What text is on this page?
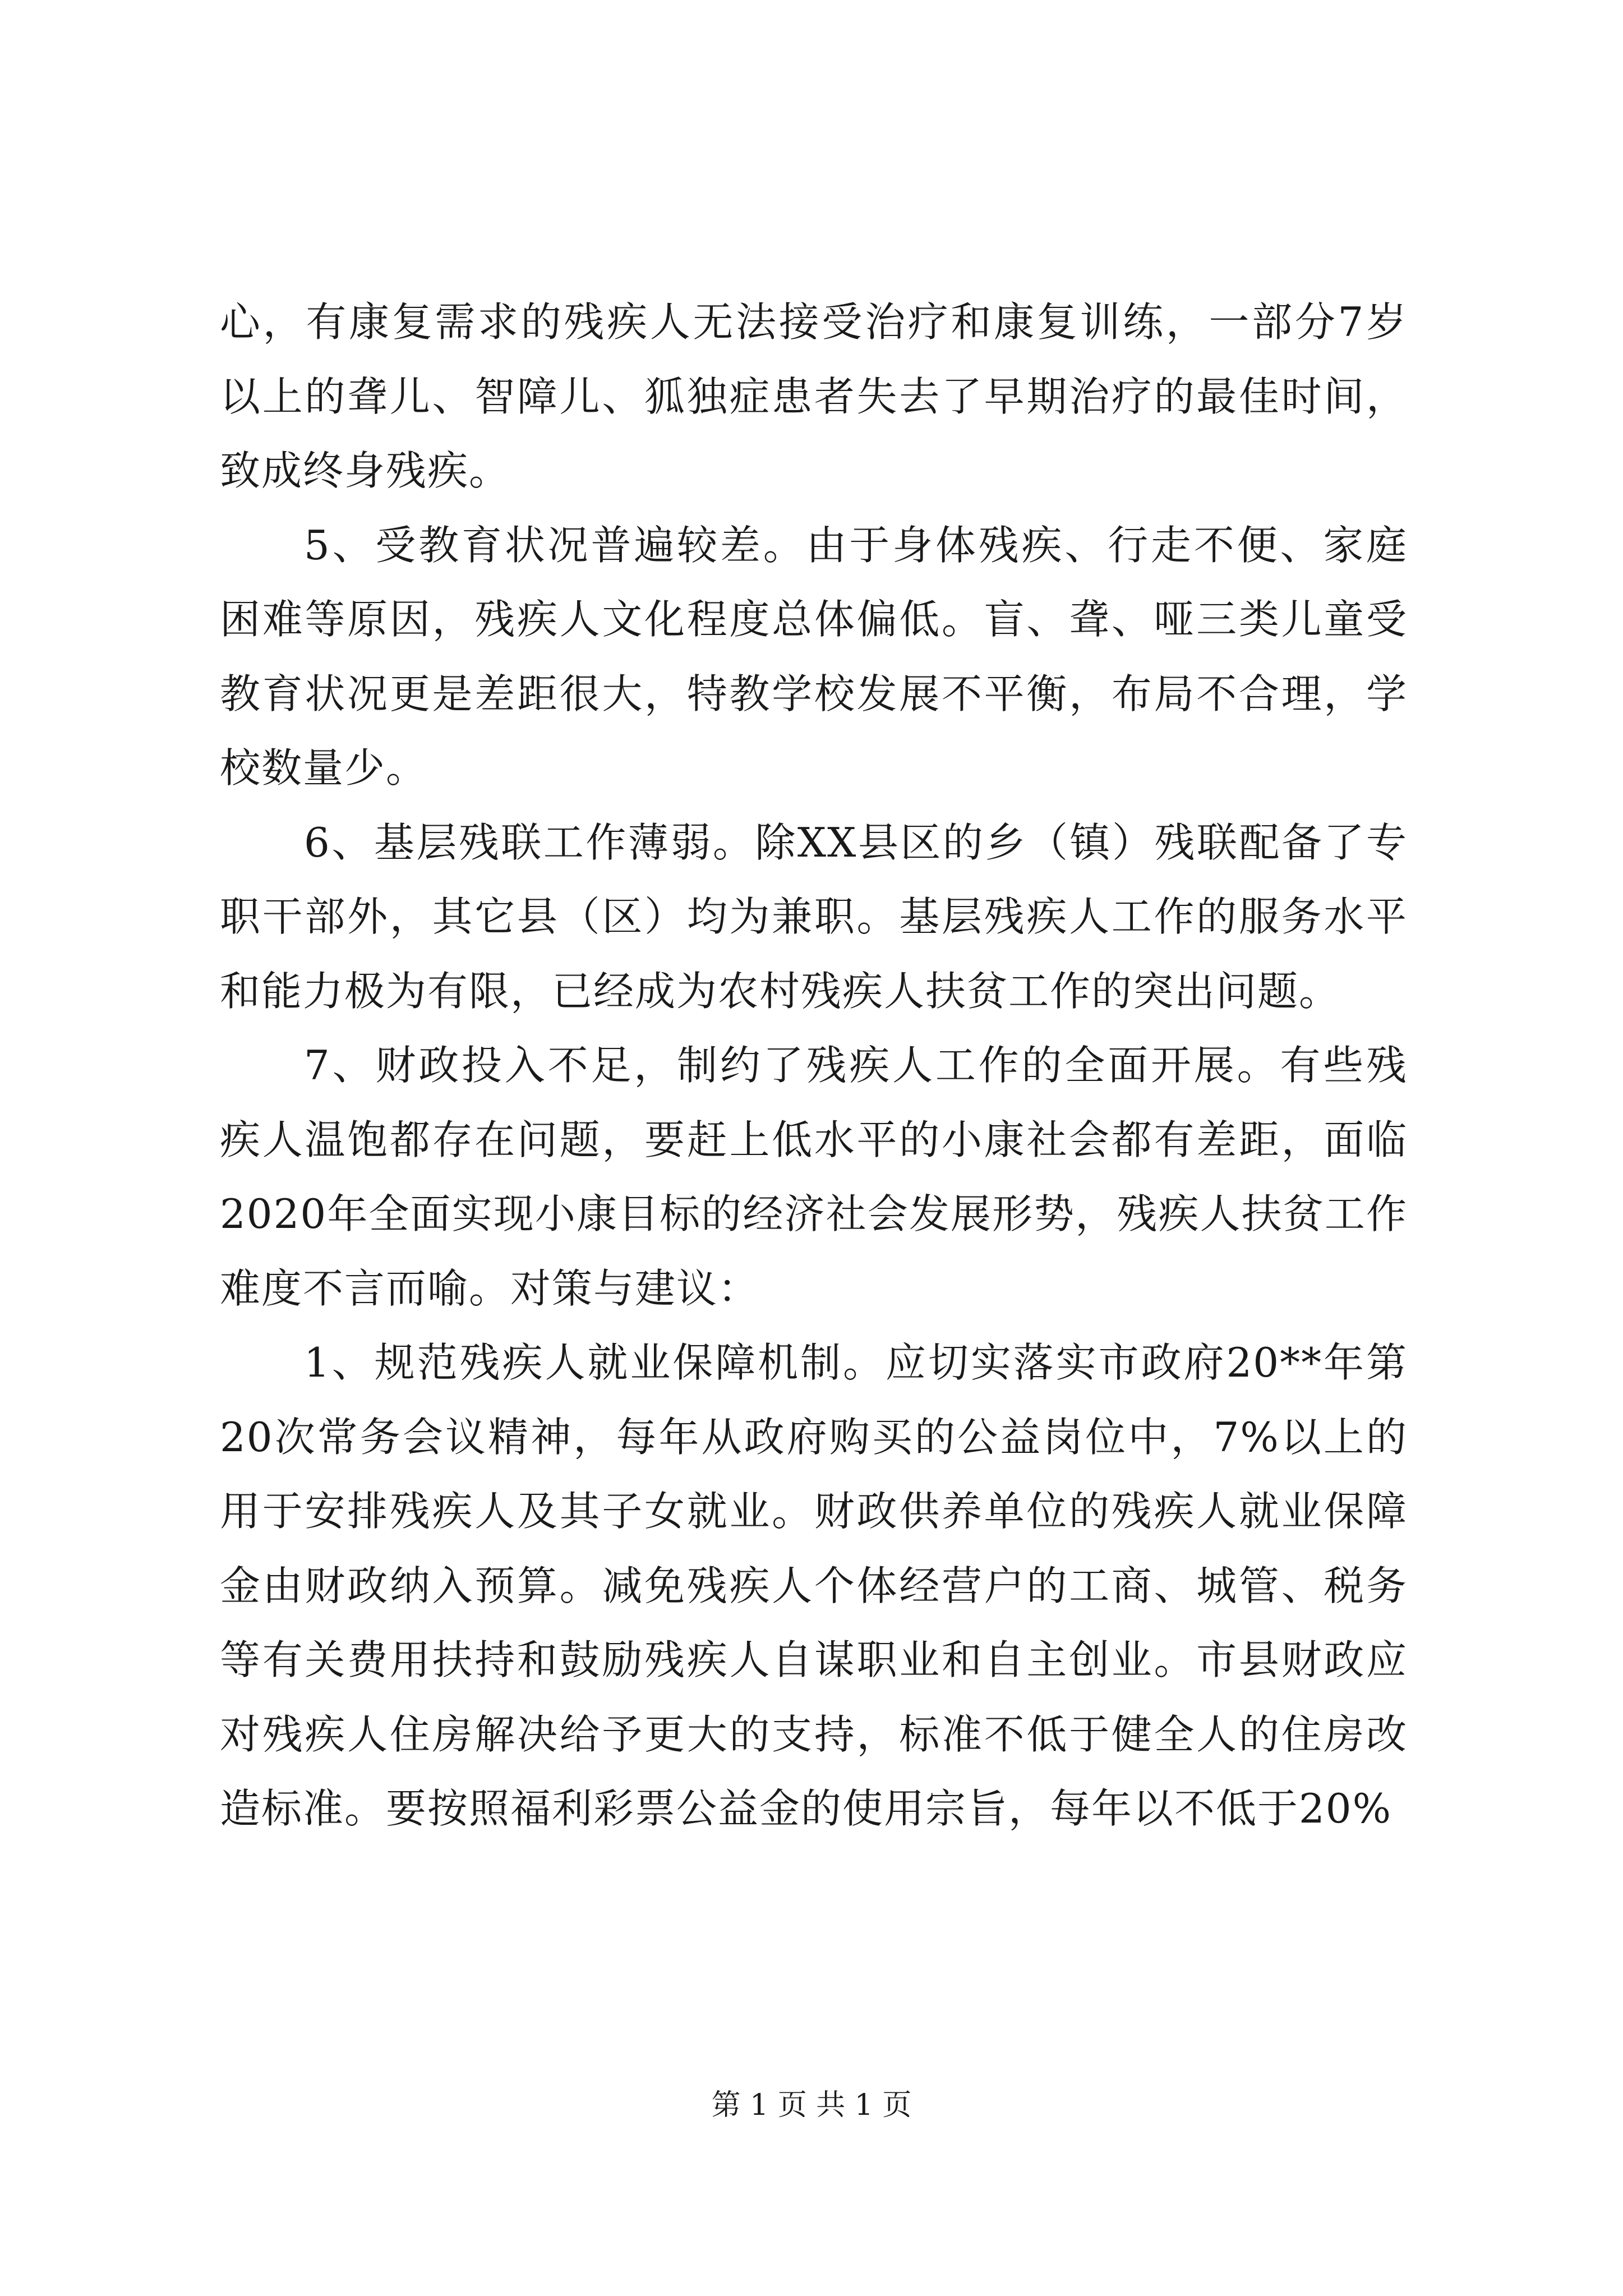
心，有康复需求的残疾人无法接受治疗和康复训练，一部分7岁以上的聋儿、智障儿、狐独症患者失去了早期治疗的最佳时间，致成终身残疾。

5、受教育状况普遍较差。由于身体残疾、行走不便、家庭困难等原因，残疾人文化程度总体偏低。盲、聋、哑三类儿童受教育状况更是差距很大，特教学校发展不平衡，布局不合理，学校数量少。

6、基层残联工作薄弱。除XX县区的乡（镇）残联配备了专职干部外，其它县（区）均为兼职。基层残疾人工作的服务水平和能力极为有限，已经成为农村残疾人扶贫工作的突出问题。

7、财政投入不足，制约了残疾人工作的全面开展。有些残疾人温饱都存在问题，要赶上低水平的小康社会都有差距，面临2020年全面实现小康目标的经济社会发展形势，残疾人扶贫工作难度不言而喻。对策与建议：

1、规范残疾人就业保障机制。应切实落实市政府20**年第20次常务会议精神，每年从政府购买的公益岗位中，7%以上的用于安排残疾人及其子女就业。财政供养单位的残疾人就业保障金由财政纳入预算。减免残疾人个体经营户的工商、城管、税务等有关费用扶持和鼓励残疾人自谋职业和自主创业。市县财政应对残疾人住房解决给予更大的支持，标准不低于健全人的住房改造标准。要按照福利彩票公益金的使用宗旨，每年以不低于20%

第 1 页 共 1 页
